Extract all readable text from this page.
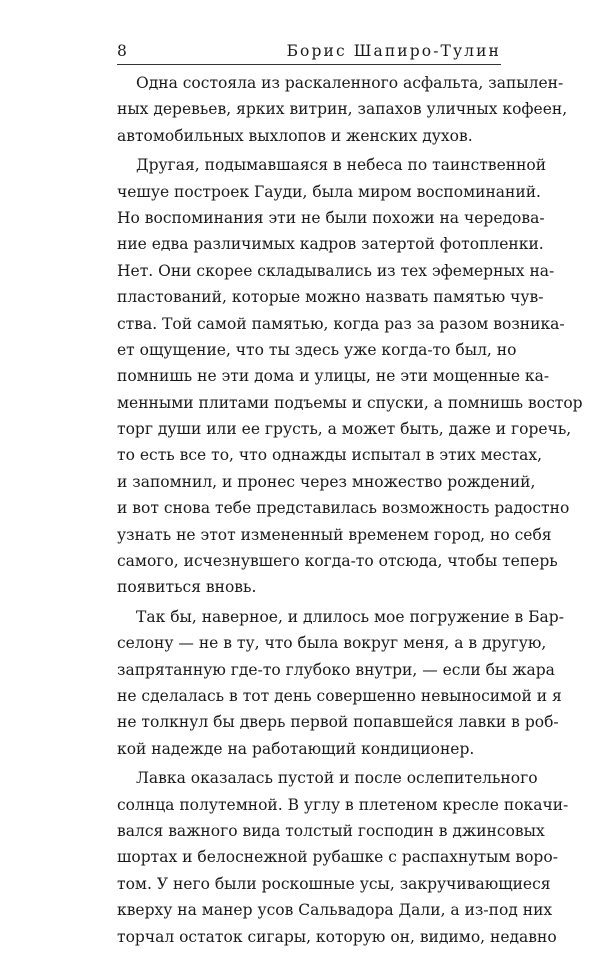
8	Борис Шапиро-Тулин
Одна состояла из раскаленного асфальта, запылен-
ных деревьев, ярких витрин, запахов уличных кофеен,
автомобильных выхлопов и женских духов.
Другая, подымавшаяся в небеса по таинственной
чешуе построек Гауди, была миром воспоминаний.
Но воспоминания эти не были похожи на чередова-
ние едва различимых кадров затертой фотопленки.
Нет. Они скорее складывались из тех эфемерных на-
пластований, которые можно назвать памятью чув-
ства. Той самой памятью, когда раз за разом возника-
ет ощущение, что ты здесь уже когда-то был, но
помнишь не эти дома и улицы, не эти мощенные ка-
менными плитами подъемы и спуски, а помнишь востор
торг души или ее грусть, а может быть, даже и горечь,
то есть все то, что однажды испытал в этих местах,
и запомнил, и пронес через множество рождений,
и вот снова тебе представилась возможность радостно
узнать не этот измененный временем город, но себя
самого, исчезнувшего когда-то отсюда, чтобы теперь
появиться вновь.
Так бы, наверное, и длилось мое погружение в Бар-
селону — не в ту, что была вокруг меня, а в другую,
запрятанную где-то глубоко внутри, — если бы жара
не сделалась в тот день совершенно невыносимой и я
не толкнул бы дверь первой попавшейся лавки в роб-
кой надежде на работающий кондиционер.
Лавка оказалась пустой и после ослепительного
солнца полутемной. В углу в плетеном кресле покачи-
вался важного вида толстый господин в джинсовых
шортах и белоснежной рубашке с распахнутым воро-
том. У него были роскошные усы, закручивающиеся
кверху на манер усов Сальвадора Дали, а из-под них
торчал остаток сигары, которую он, видимо, недавно
